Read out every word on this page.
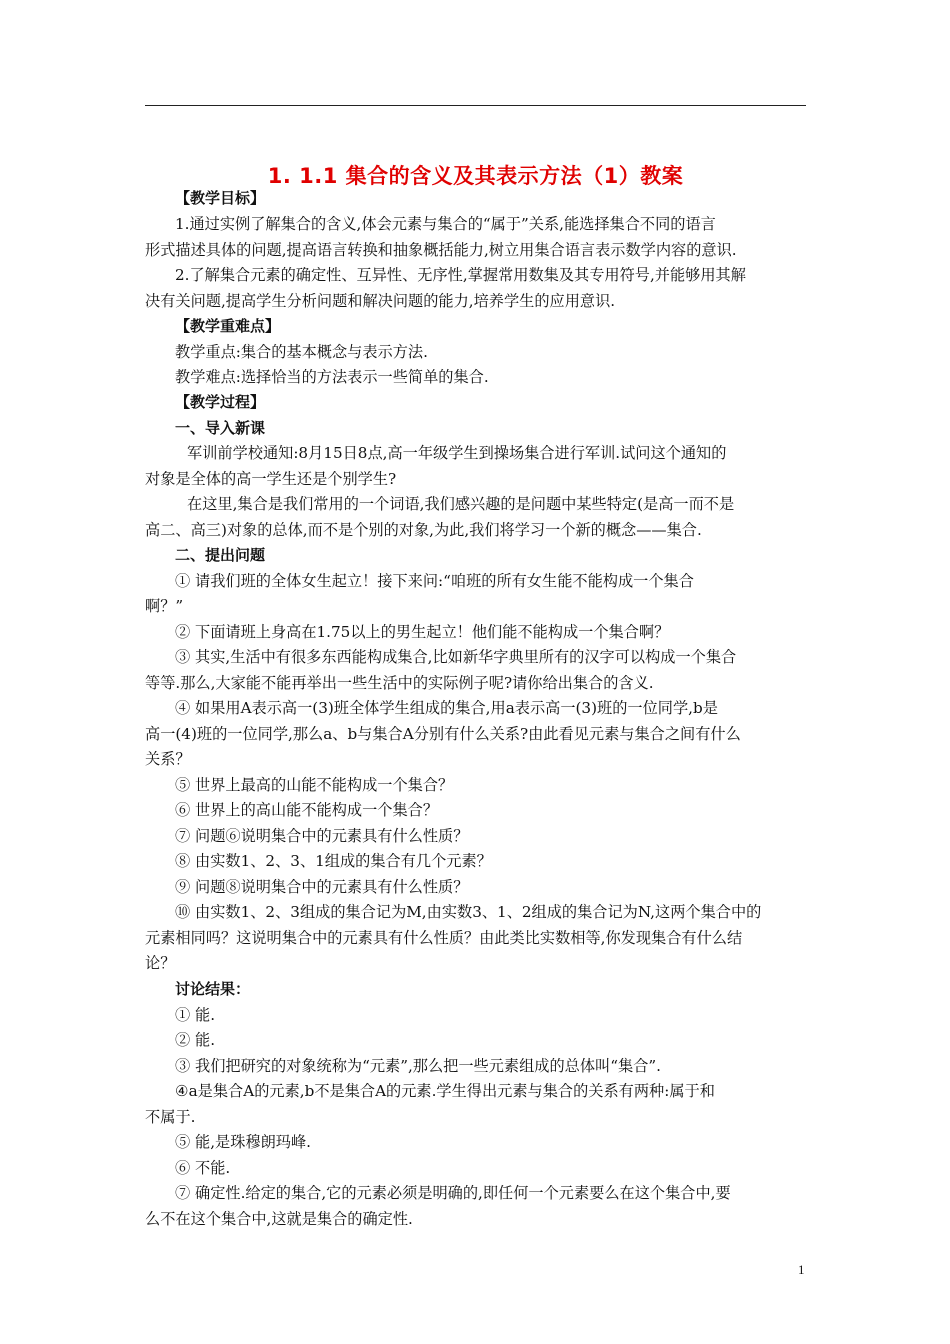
1. 1.1 集合的含义及其表示方法（1）教案
【教学目标】
1.通过实例了解集合的含义,体会元素与集合的“属于”关系,能选择集合不同的语言
形式描述具体的问题,提高语言转换和抽象概括能力,树立用集合语言表示数学内容的意识.
2.了解集合元素的确定性、互异性、无序性,掌握常用数集及其专用符号,并能够用其解
决有关问题,提高学生分析问题和解决问题的能力,培养学生的应用意识.
【教学重难点】
教学重点:集合的基本概念与表示方法.
教学难点:选择恰当的方法表示一些简单的集合.
【教学过程】
一、导入新课
军训前学校通知:8月15日8点,高一年级学生到操场集合进行军训.试问这个通知的
对象是全体的高一学生还是个别学生?
在这里,集合是我们常用的一个词语,我们感兴趣的是问题中某些特定(是高一而不是
高二、高三)对象的总体,而不是个别的对象,为此,我们将学习一个新的概念——集合.
二、提出问题
① 请我们班的全体女生起立！接下来问:“咱班的所有女生能不能构成一个集合
啊？”
② 下面请班上身高在1.75以上的男生起立！他们能不能构成一个集合啊？
③ 其实,生活中有很多东西能构成集合,比如新华字典里所有的汉字可以构成一个集合
等等.那么,大家能不能再举出一些生活中的实际例子呢?请你给出集合的含义.
④ 如果用A表示高一(3)班全体学生组成的集合,用a表示高一(3)班的一位同学,b是
高一(4)班的一位同学,那么a、b与集合A分别有什么关系?由此看见元素与集合之间有什么
关系？
⑤ 世界上最高的山能不能构成一个集合？
⑥ 世界上的高山能不能构成一个集合？
⑦ 问题⑥说明集合中的元素具有什么性质？
⑧ 由实数1、2、3、1组成的集合有几个元素？
⑨ 问题⑧说明集合中的元素具有什么性质？
⑩ 由实数1、2、3组成的集合记为M,由实数3、1、2组成的集合记为N,这两个集合中的
元素相同吗？这说明集合中的元素具有什么性质？由此类比实数相等,你发现集合有什么结
论？
讨论结果：
① 能.
② 能.
③ 我们把研究的对象统称为“元素”,那么把一些元素组成的总体叫“集合”.
④a是集合A的元素,b不是集合A的元素.学生得出元素与集合的关系有两种:属于和
不属于.
⑤ 能,是珠穆朗玛峰.
⑥ 不能.
⑦ 确定性.给定的集合,它的元素必须是明确的,即任何一个元素要么在这个集合中,要
么不在这个集合中,这就是集合的确定性.
1
